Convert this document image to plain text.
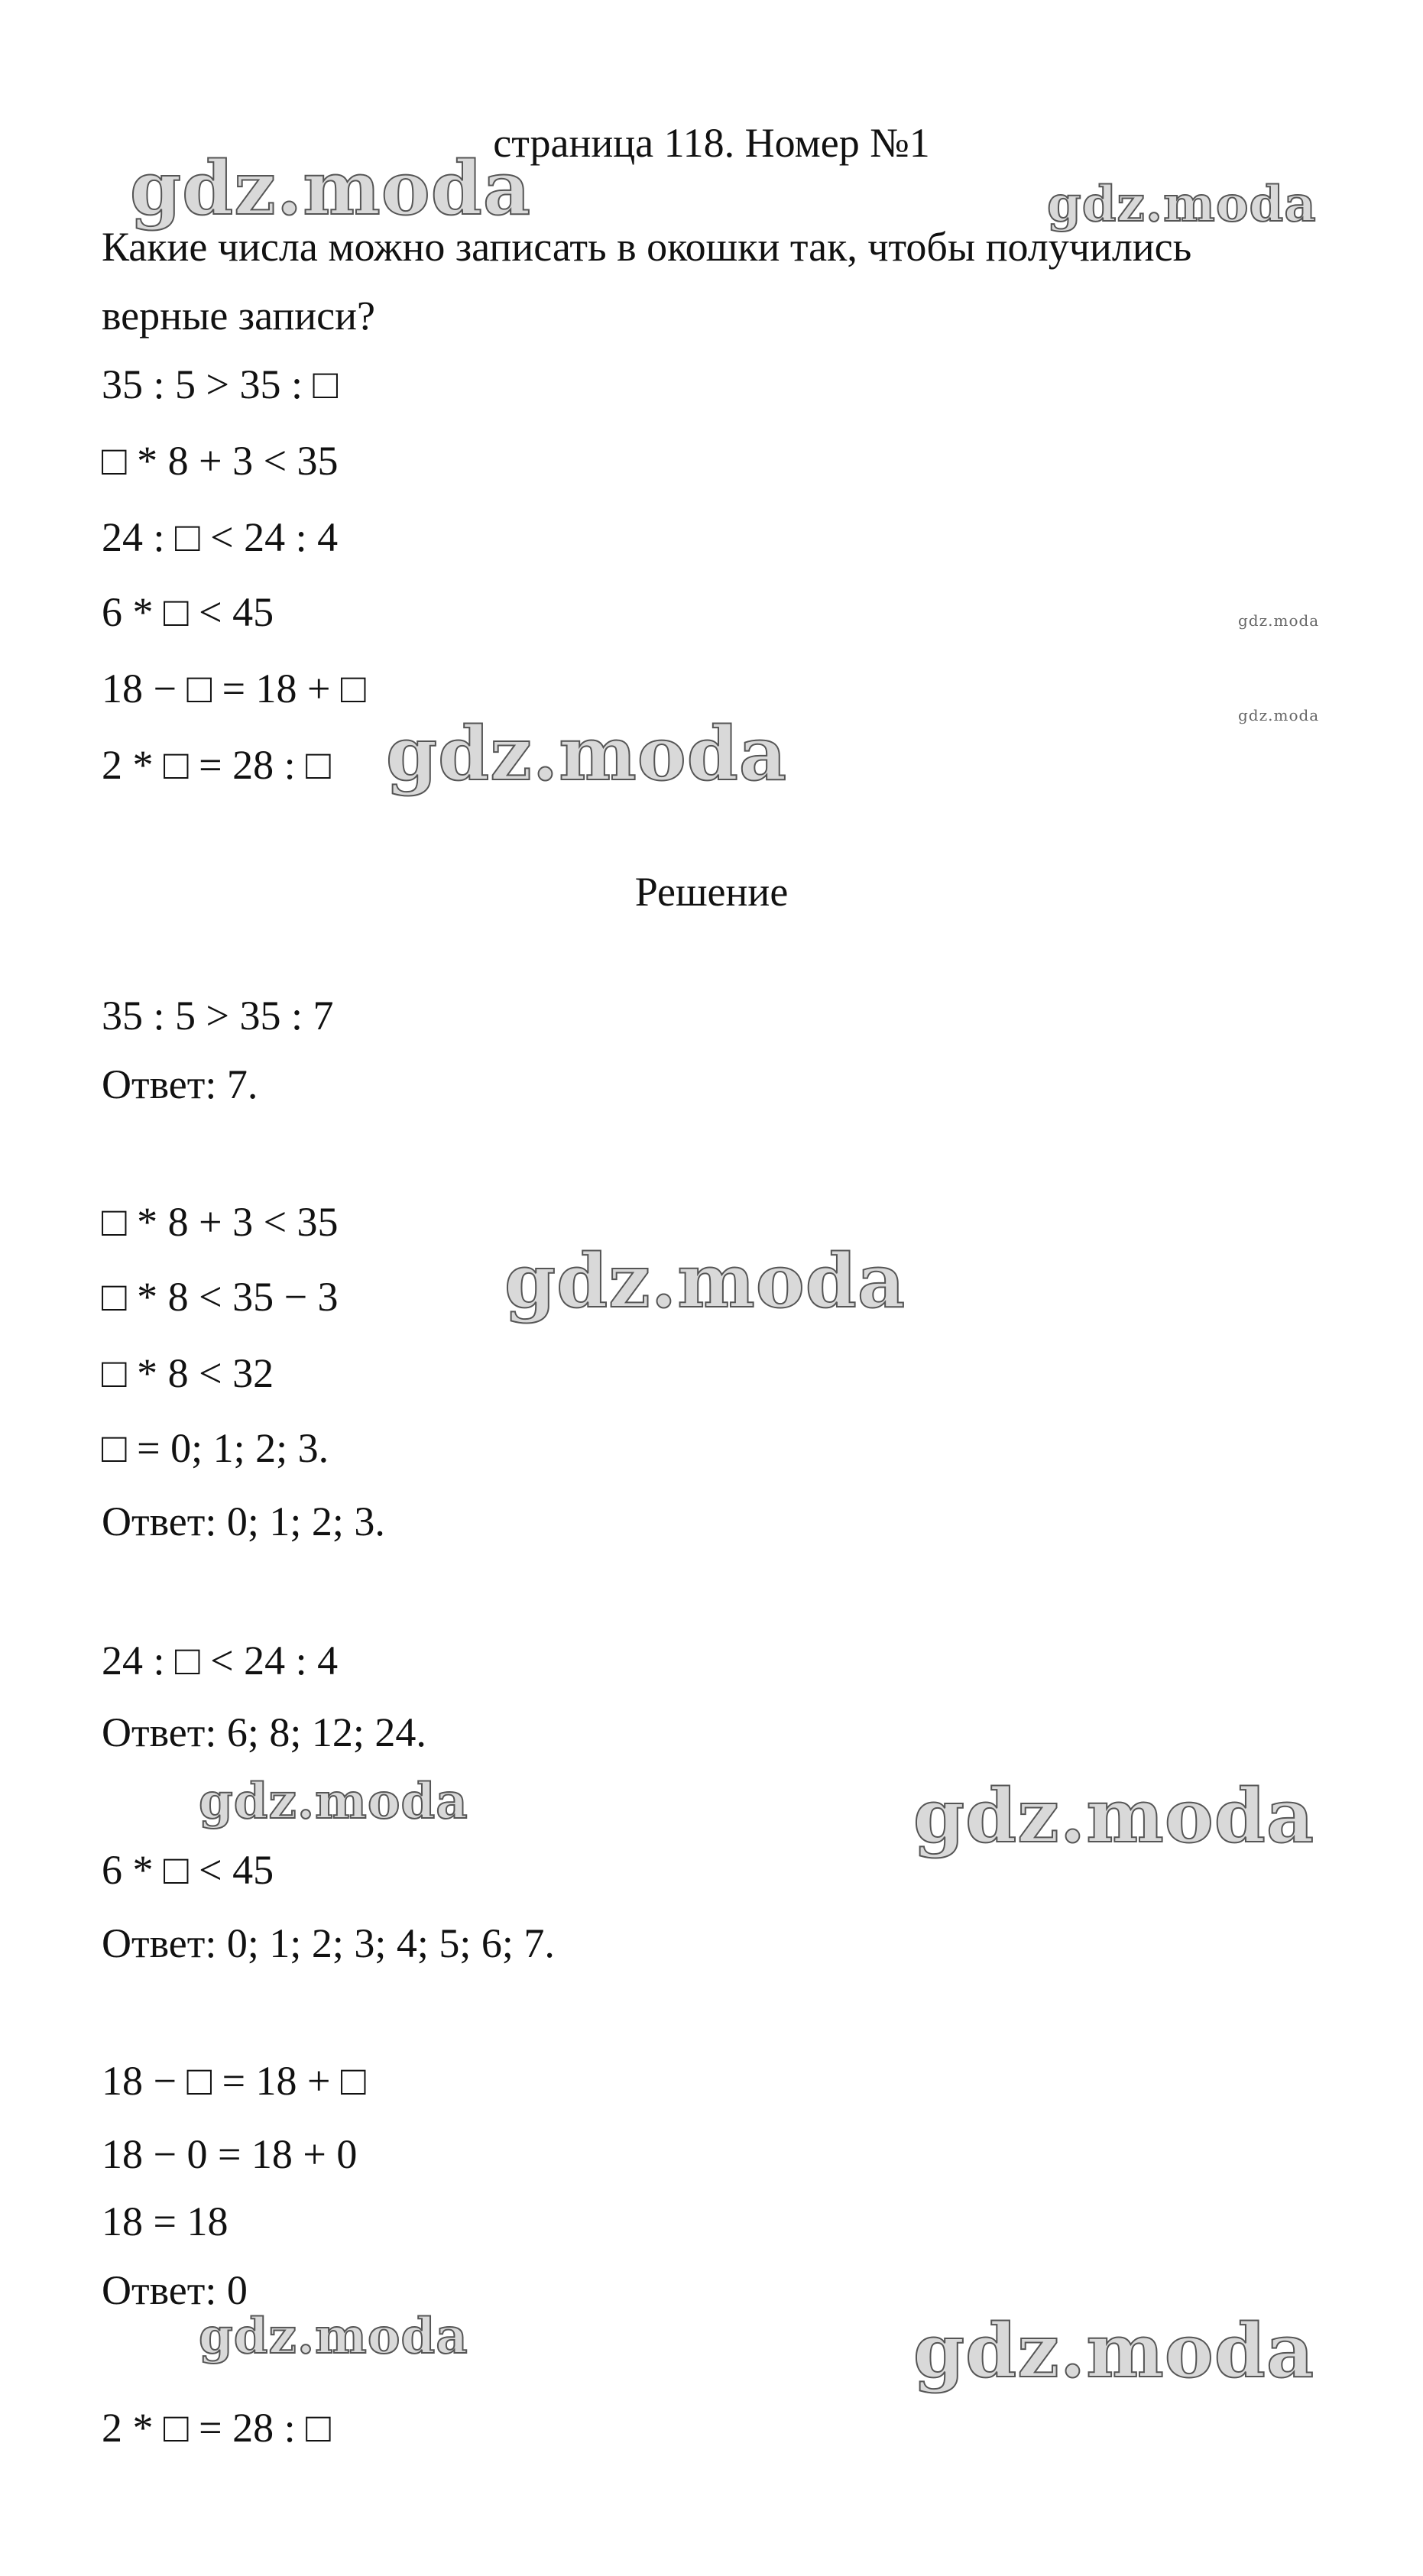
страница 118. Номер №1
Какие числа можно записать в окошки так, чтобы получились
верные записи?
35 : 5 > 35 : □
□ * 8 + 3 < 35
24 : □ < 24 : 4
6 * □ < 45
18 − □ = 18 + □
2 * □ = 28 : □
Решение
35 : 5 > 35 : 7
Ответ: 7.
□ * 8 + 3 < 35
□ * 8 < 35 − 3
□ * 8 < 32
□ = 0; 1; 2; 3.
Ответ: 0; 1; 2; 3.
24 : □ < 24 : 4
Ответ: 6; 8; 12; 24.
6 * □ < 45
Ответ: 0; 1; 2; 3; 4; 5; 6; 7.
18 − □ = 18 + □
18 − 0 = 18 + 0
18 = 18
Ответ: 0
2 * □ = 28 : □
gdz.moda	gdz.moda
gdz.moda
gdz.moda
gdz.moda
gdz.moda
gdz.moda	gdz.moda
gdz.moda	gdz.moda
